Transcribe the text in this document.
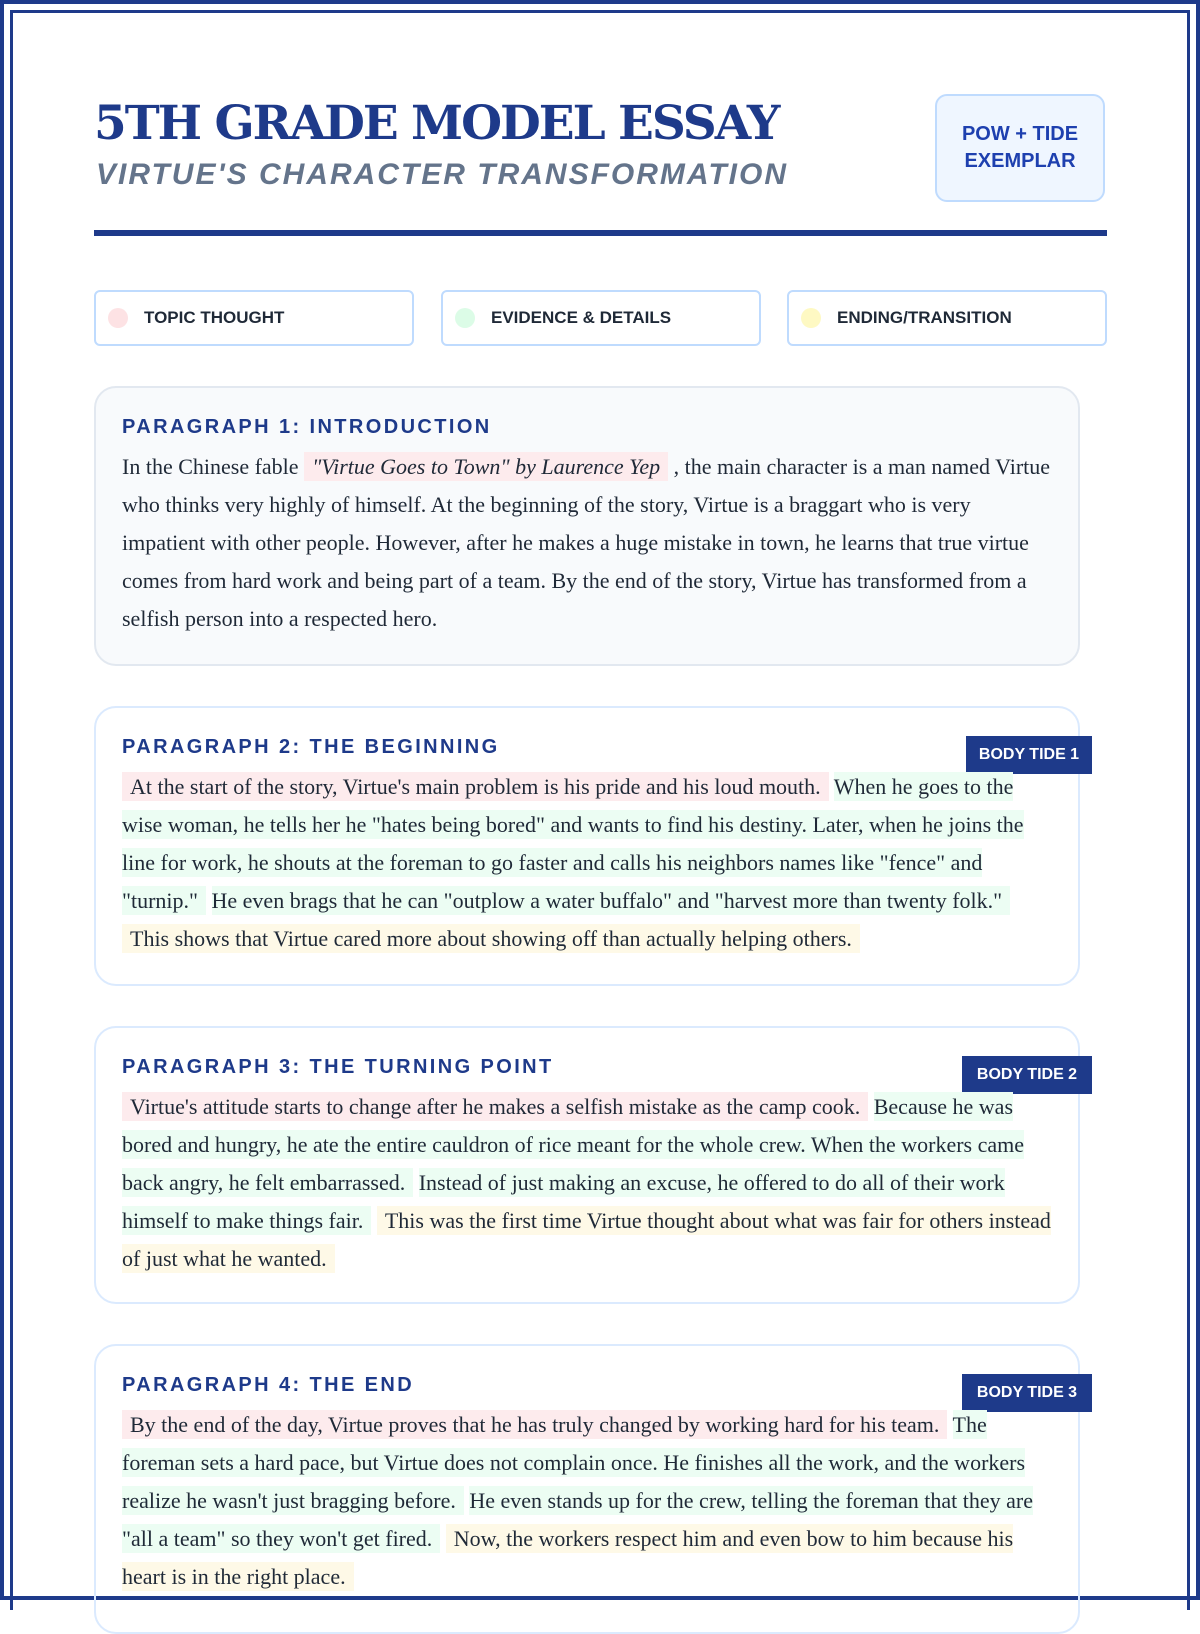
5TH GRADE MODEL ESSAY
VIRTUE'S CHARACTER TRANSFORMATION
POW + TIDE
EXEMPLAR
TOPIC THOUGHT	EVIDENCE & DETAILS	ENDING/TRANSITION
PARAGRAPH 1: INTRODUCTION

In the Chinese fable "Virtue Goes to Town" by Laurence Yep , the main character is a man named Virtue who thinks very highly of himself. At the beginning of the story, Virtue is a braggart who is very impatient with other people. However, after he makes a huge mistake in town, he learns that true virtue comes from hard work and being part of a team. By the end of the story, Virtue has transformed from a selfish person into a respected hero.

PARAGRAPH 2: THE BEGINNING	BODY TIDE 1

At the start of the story, Virtue's main problem is his pride and his loud mouth. When he goes to the wise woman, he tells her he "hates being bored" and wants to find his destiny. Later, when he joins the line for work, he shouts at the foreman to go faster and calls his neighbors names like "fence" and "turnip." He even brags that he can "outplow a water buffalo" and "harvest more than twenty folk." This shows that Virtue cared more about showing off than actually helping others.

PARAGRAPH 3: THE TURNING POINT	BODY TIDE 2

Virtue's attitude starts to change after he makes a selfish mistake as the camp cook. Because he was bored and hungry, he ate the entire cauldron of rice meant for the whole crew. When the workers came back angry, he felt embarrassed. Instead of just making an excuse, he offered to do all of their work himself to make things fair. This was the first time Virtue thought about what was fair for others instead of just what he wanted.

PARAGRAPH 4: THE END	BODY TIDE 3

By the end of the day, Virtue proves that he has truly changed by working hard for his team. The foreman sets a hard pace, but Virtue does not complain once. He finishes all the work, and the workers realize he wasn't just bragging before. He even stands up for the crew, telling the foreman that they are "all a team" so they won't get fired. Now, the workers respect him and even bow to him because his heart is in the right place.
